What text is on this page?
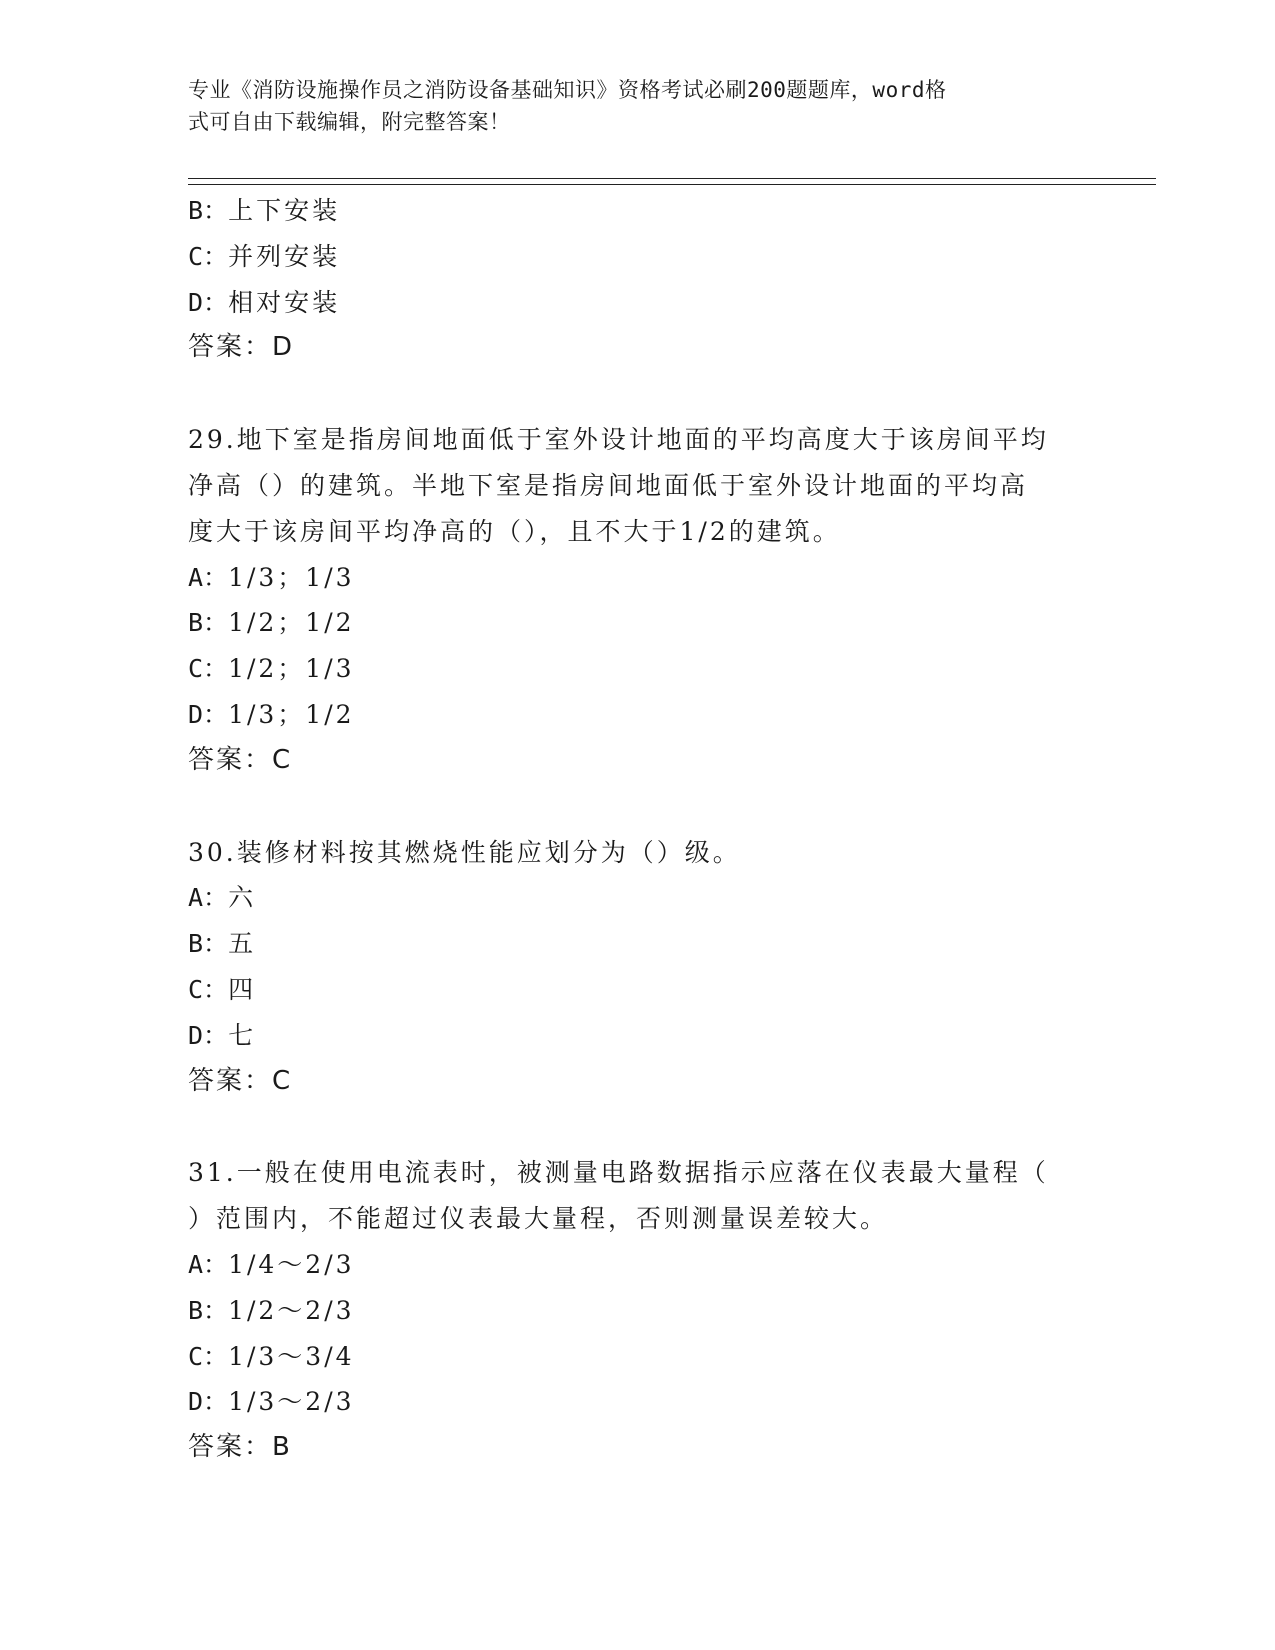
专业《消防设施操作员之消防设备基础知识》资格考试必刷200题题库，word格
式可自由下载编辑，附完整答案！
B：上下安装
C：并列安装
D：相对安装
答案：D
29.地下室是指房间地面低于室外设计地面的平均高度大于该房间平均
净高（）的建筑。半地下室是指房间地面低于室外设计地面的平均高
度大于该房间平均净高的（），且不大于1/2的建筑。
A：1/3；1/3
B：1/2；1/2
C：1/2；1/3
D：1/3；1/2
答案：C
30.装修材料按其燃烧性能应划分为（）级。
A：六
B：五
C：四
D：七
答案：C
31.一般在使用电流表时，被测量电路数据指示应落在仪表最大量程（
）范围内，不能超过仪表最大量程，否则测量误差较大。
A：1/4～2/3
B：1/2～2/3
C：1/3～3/4
D：1/3～2/3
答案：B
